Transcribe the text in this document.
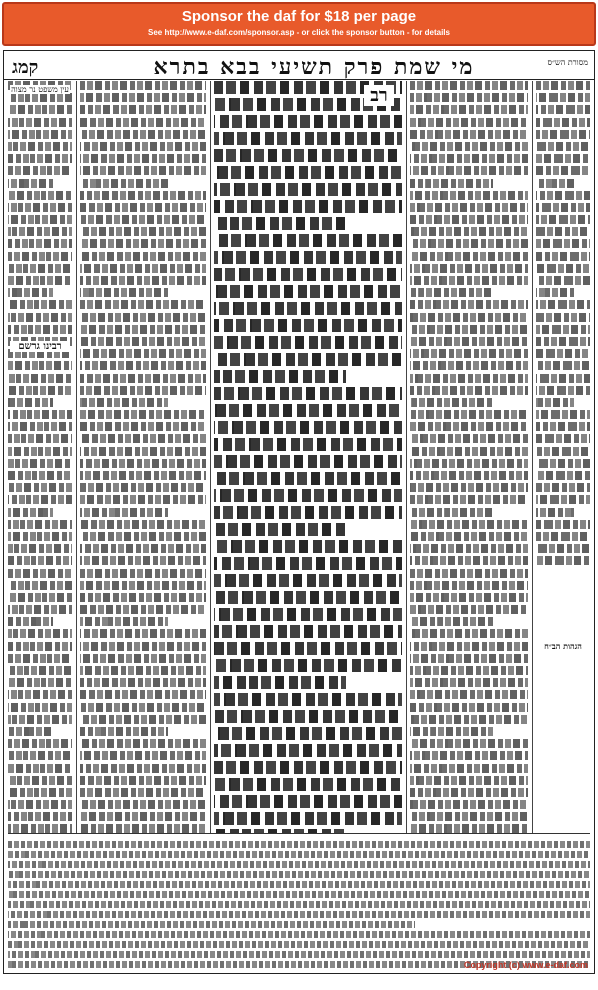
Sponsor the daf for $18 per page
See http://www.e-daf.com/sponsor.asp - or click the sponsor button - for details
קמג	מי שמת פרק תשיעי בבא בתרא	מסורת הש״ס
עין משפט נר מצוה
רבינו גרשם
רב
הגהות הב״ח
Copyright (c) www.e-daf.com
